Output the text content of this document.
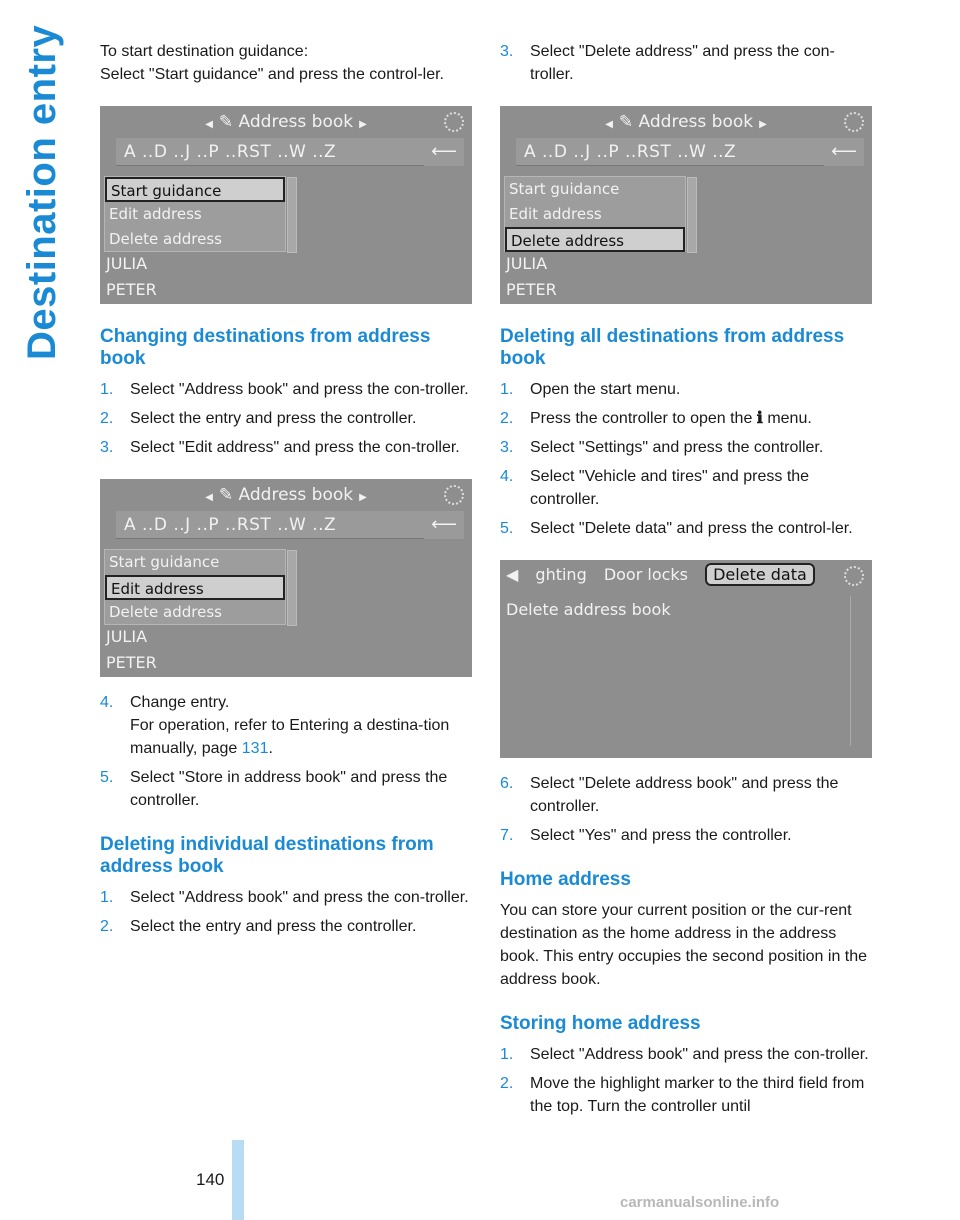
Destination entry To start destination guidance:

Select "Start guidance" and press the control-ler.

◀ ✎ Address book ▶
A ..D ..J ..P ..RST ..W ..Z	⟵
Start guidance
Edit address
Delete address
JULIA
PETER
Changing destinations from address book
1. Select "Address book" and press the con-troller.
2. Select the entry and press the controller.
3. Select "Edit address" and press the con-troller.
◀ ✎ Address book ▶
A ..D ..J ..P ..RST ..W ..Z	⟵
Start guidance
Edit address
Delete address
JULIA
PETER
4. Change entry.
For operation, refer to Entering a destina-tion manually, page 131.
5. Select "Store in address book" and press the controller.
Deleting individual destinations from address book
1. Select "Address book" and press the con-troller.
2. Select the entry and press the controller.
3. Select "Delete address" and press the con-troller.
◀ ✎ Address book ▶
A ..D ..J ..P ..RST ..W ..Z	⟵
Start guidance
Edit address
Delete address
JULIA
PETER
Deleting all destinations from address book
1. Open the start menu.
2. Press the controller to open the ℹ menu.
3. Select "Settings" and press the controller.
4. Select "Vehicle and tires" and press the controller.
5. Select "Delete data" and press the control-ler.
◀ ghting Door locks Delete data
Delete address book
6. Select "Delete address book" and press the controller.
7. Select "Yes" and press the controller.
Home address

You can store your current position or the cur-rent destination as the home address in the address book. This entry occupies the second position in the address book.

Storing home address
1. Select "Address book" and press the con-troller.
2. Move the highlight marker to the third field from the top. Turn the controller until
140
carmanualsonline.info
